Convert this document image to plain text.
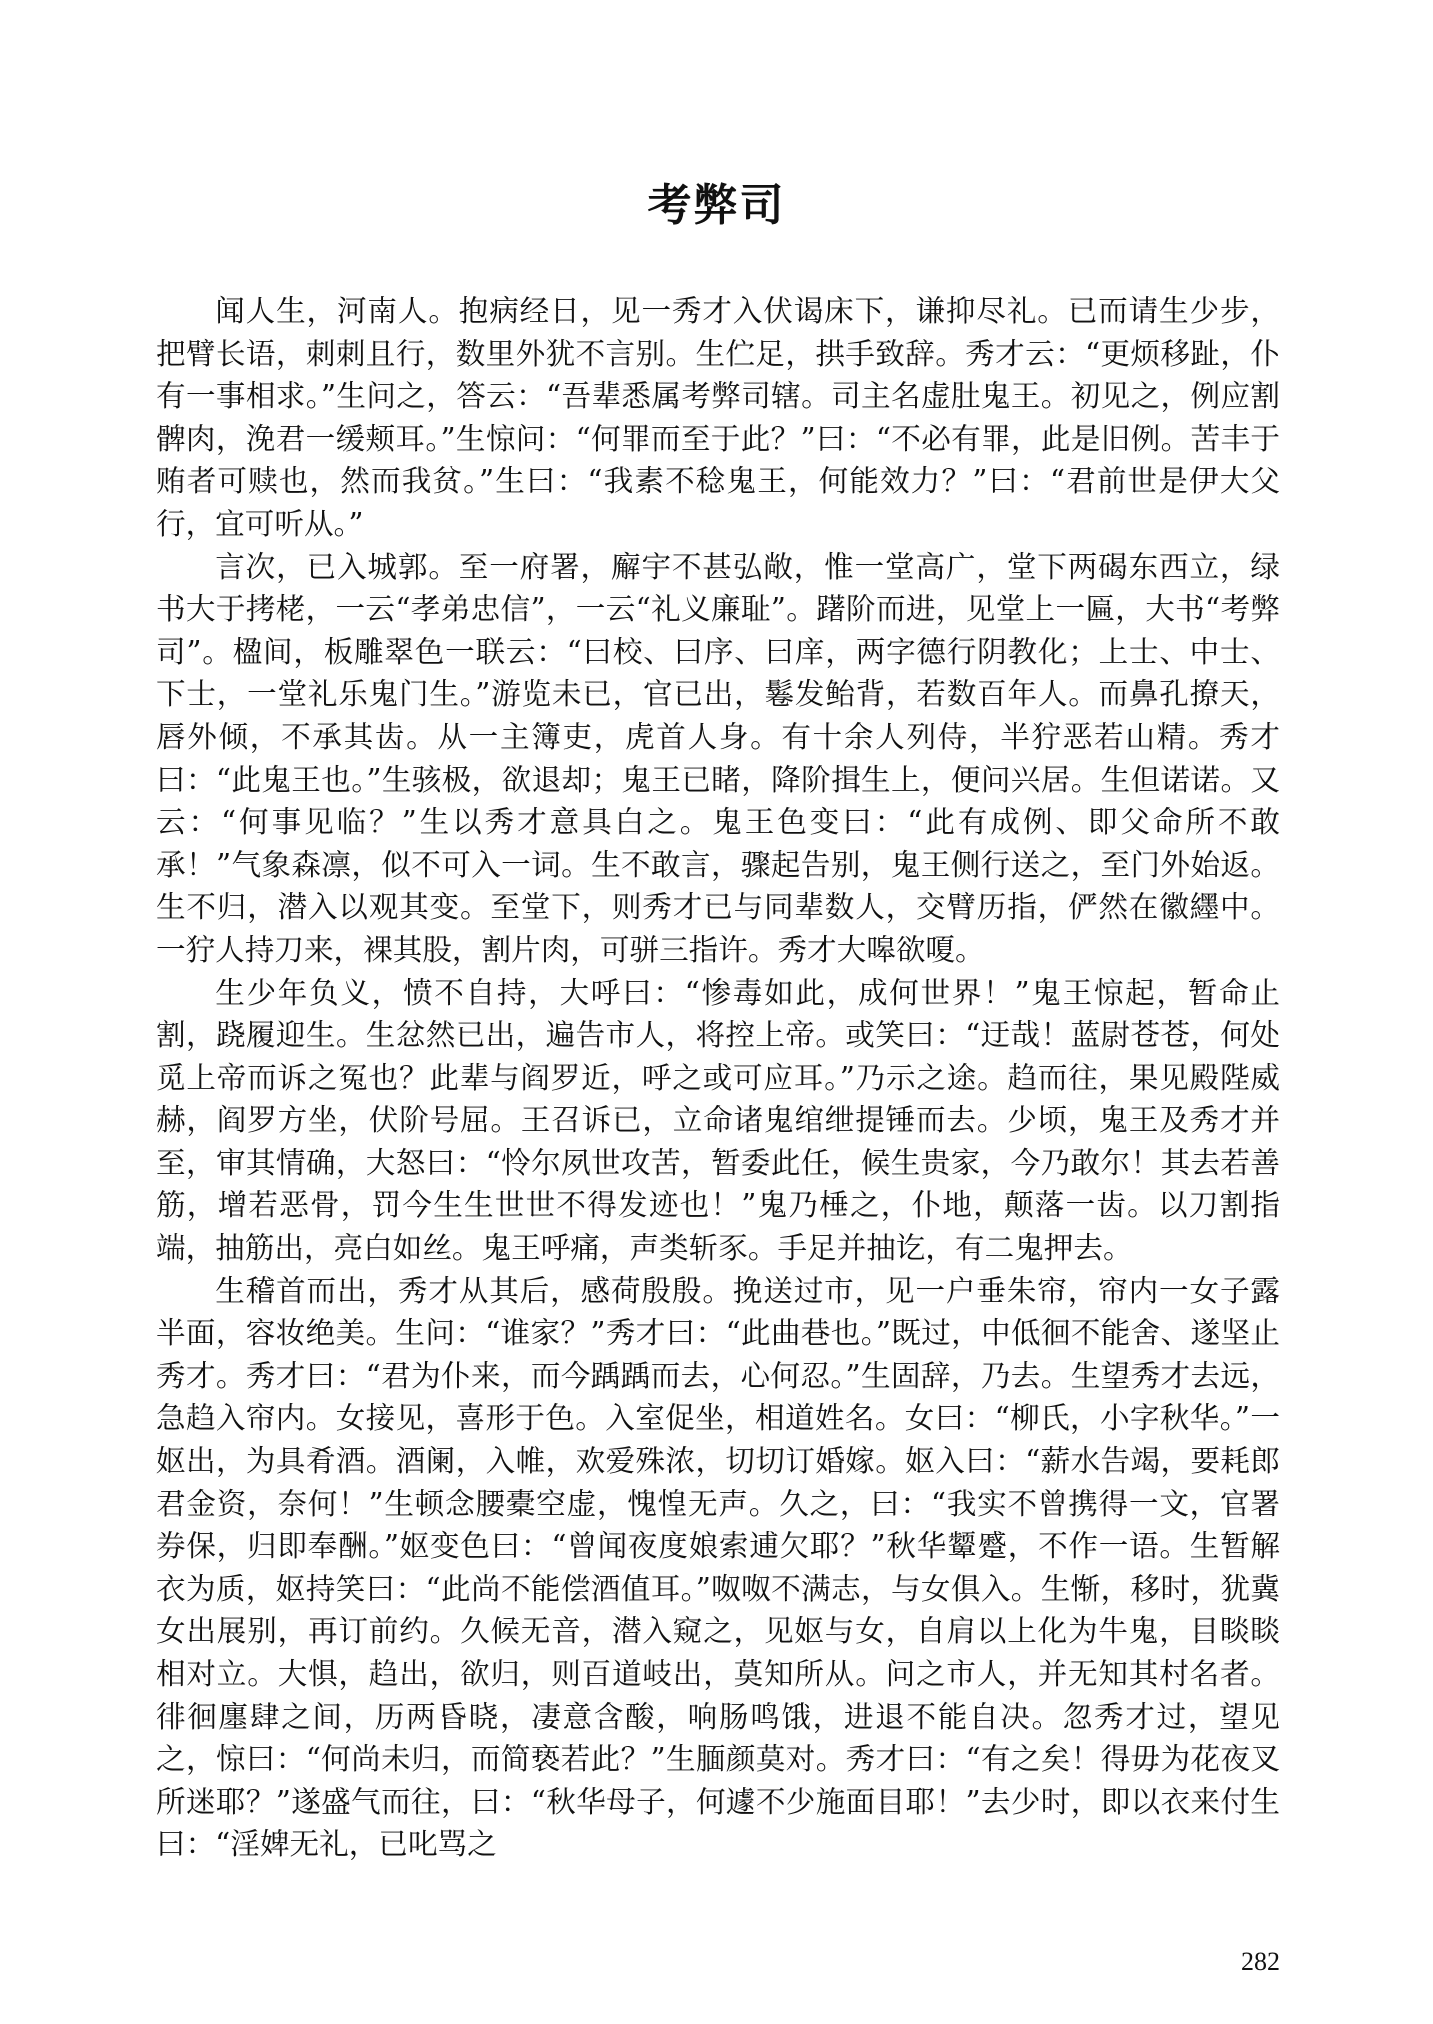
考弊司

闻人生，河南人。抱病经日，见一秀才入伏谒床下，谦抑尽礼。已而请生少步，把臂长语，刺刺且行，数里外犹不言别。生伫足，拱手致辞。秀才云：“更烦移趾，仆有一事相求。”生问之，答云：“吾辈悉属考弊司辖。司主名虚肚鬼王。初见之，例应割髀肉，浼君一缓颊耳。”生惊问：“何罪而至于此？”曰：“不必有罪，此是旧例。苦丰于贿者可赎也，然而我贫。”生曰：“我素不稔鬼王，何能效力？”曰：“君前世是伊大父行，宜可听从。”

言次，已入城郭。至一府署，廨宇不甚弘敞，惟一堂高广，堂下两碣东西立，绿书大于拷栳，一云“孝弟忠信”，一云“礼义廉耻”。躇阶而进，见堂上一匾，大书“考弊司”。楹间，板雕翠色一联云：“曰校、曰序、曰庠，两字德行阴教化；上士、中士、下士，一堂礼乐鬼门生。”游览未已，官已出，鬈发鲐背，若数百年人。而鼻孔撩天，唇外倾，不承其齿。从一主簿吏，虎首人身。有十余人列侍，半狞恶若山精。秀才曰：“此鬼王也。”生骇极，欲退却；鬼王已睹，降阶揖生上，便问兴居。生但诺诺。又云：“何事见临？”生以秀才意具白之。鬼王色变曰：“此有成例、即父命所不敢承！”气象森凛，似不可入一词。生不敢言，骤起告别，鬼王侧行送之，至门外始返。生不归，潜入以观其变。至堂下，则秀才已与同辈数人，交臂历指，俨然在徽纆中。一狞人持刀来，裸其股，割片肉，可骈三指许。秀才大嗥欲嗄。

生少年负义，愤不自持，大呼曰：“惨毒如此，成何世界！”鬼王惊起，暂命止割，跷履迎生。生忿然已出，遍告市人，将控上帝。或笑曰：“迂哉！蓝尉苍苍，何处觅上帝而诉之冤也？此辈与阎罗近，呼之或可应耳。”乃示之途。趋而往，果见殿陛威赫，阎罗方坐，伏阶号屈。王召诉已，立命诸鬼绾绁提锤而去。少顷，鬼王及秀才并至，审其情确，大怒曰：“怜尔夙世攻苦，暂委此任，候生贵家，今乃敢尔！其去若善筋，增若恶骨，罚今生生世世不得发迹也！”鬼乃棰之，仆地，颠落一齿。以刀割指端，抽筋出，亮白如丝。鬼王呼痛，声类斩豕。手足并抽讫，有二鬼押去。

生稽首而出，秀才从其后，感荷殷殷。挽送过市，见一户垂朱帘，帘内一女子露半面，容妆绝美。生问：“谁家？”秀才曰：“此曲巷也。”既过，中低徊不能舍、遂坚止秀才。秀才曰：“君为仆来，而今踽踽而去，心何忍。”生固辞，乃去。生望秀才去远，急趋入帘内。女接见，喜形于色。入室促坐，相道姓名。女曰：“柳氏，小字秋华。”一妪出，为具肴酒。酒阑，入帷，欢爱殊浓，切切订婚嫁。妪入曰：“薪水告竭，要耗郎君金资，奈何！”生顿念腰橐空虚，愧惶无声。久之，曰：“我实不曾携得一文，官署券保，归即奉酬。”妪变色曰：“曾闻夜度娘索逋欠耶？”秋华颦蹙，不作一语。生暂解衣为质，妪持笑曰：“此尚不能偿酒值耳。”呶呶不满志，与女俱入。生惭，移时，犹冀女出展别，再订前约。久候无音，潜入窥之，见妪与女，自肩以上化为牛鬼，目睒睒相对立。大惧，趋出，欲归，则百道岐出，莫知所从。问之市人，并无知其村名者。徘徊廛肆之间，历两昏晓，凄意含酸，响肠鸣饿，进退不能自决。忽秀才过，望见之，惊曰：“何尚未归，而简亵若此？”生腼颜莫对。秀才曰：“有之矣！得毋为花夜叉所迷耶？”遂盛气而往，曰：“秋华母子，何遽不少施面目耶！”去少时，即以衣来付生曰：“淫婢无礼，已叱骂之

282
